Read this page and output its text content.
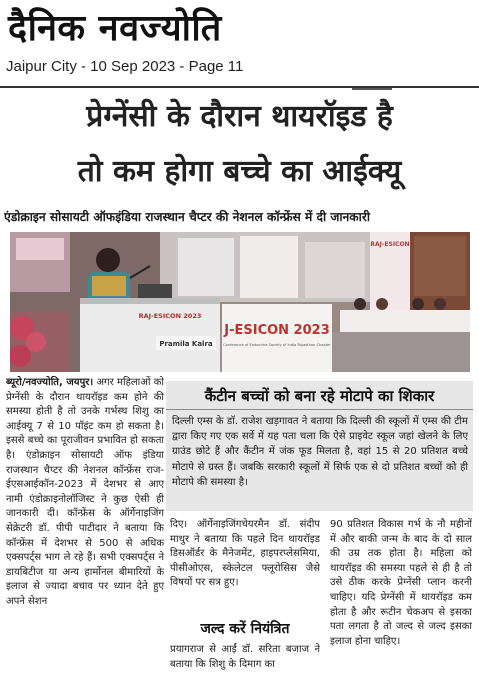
दैनिक नवज्योति
Jaipur City - 10 Sep 2023 - Page 11
प्रेग्नेंसी के दौरान थायरॉइड है
तो कम होगा बच्चे का आईक्यू
एंडोक्राइन सोसायटी ऑफइंडिया राजस्थान चैप्टर की नेशनल कॉन्फ्रेंस में दी जानकारी
RAJ-ESICON
RAJ-ESICON 2023
Pramila Kalra
J-ESICON 2023
Conference of Endocrine Society of India Rajasthan Chapter

ब्यूरो/नवज्योति, जयपुर। अगर महिलाओं को प्रेग्नेंसी के दौरान थायरॉइड कम होने की समस्या होती है तो उनके गर्भस्थ शिशु का आईक्यू 7 से 10 पॉइंट कम हो सकता है। इससे बच्चे का पूराजीवन प्रभावित हो सकता है। एंडोक्राइन सोसायटी ऑफ इंडिया राजस्थान चैप्टर की नेशनल कॉन्फ्रेंस राज-ईएसआईकॉन-2023 में देशभर से आए नामी एंडोक्राइनोलॉजिस्ट ने कुछ ऐसी ही जानकारी दी। कॉन्फ्रेंस के ऑर्गेनाइजिंग सेक्रेटरी डॉ. पीपी पाटीदार ने बताया कि कॉन्फ्रेंस में देशभर से 500 से अधिक एक्सपर्ट्स भाग ले रहे हैं। सभी एक्सपर्ट्स ने डायबिटीज या अन्य हार्मोनल बीमारियों के इलाज से ज्यादा बचाव पर ध्यान देते हुए अपने सेशन

कैंटीन बच्चों को बना रहे मोटापे का शिकार
दिल्ली एम्स के डॉ. राजेश खड़गावत ने बताया कि दिल्ली की स्कूलों में एम्स की टीम द्वारा किए गए एक सर्वे में यह पता चला कि ऐसे प्राइवेट स्कूल जहां खेलने के लिए ग्राउंड छोटे हैं और कैंटीन में जंक फूड मिलता है, वहां 15 से 20 प्रतिशत बच्चे मोटापे से ग्रस्त हैं। जबकि सरकारी स्कूलों में सिर्फ एक से दो प्रतिशत बच्चों को ही मोटापे की समस्या है।

दिए। ऑर्गेनाइजिंगचेयरमैन डॉ. संदीप माथुर ने बताया कि पहले दिन थायरॉइड डिसऑर्डर के मैनेजमेंट, हाइपरप्लेसमिया, पीसीओएस, स्केलेटल फ्लूरोसिस जैसे विषयों पर सत्र हुए।

जल्द करें नियंत्रित

प्रयागराज से आईं डॉ. सरिता बजाज ने बताया कि शिशु के दिमाग का

90 प्रतिशत विकास गर्भ के नौ महीनों में और बाकी जन्म के बाद के दो साल की उम्र तक होता है। महिला को थायरॉइड की समस्या पहले से ही है तो उसे ठीक करके प्रेग्नेंसी प्लान करनी चाहिए। यदि प्रेग्नेंसी में थायरॉइड कम होता है और रूटीन चेकअप से इसका पता लगता है तो जल्द से जल्द इसका इलाज होना चाहिए।
